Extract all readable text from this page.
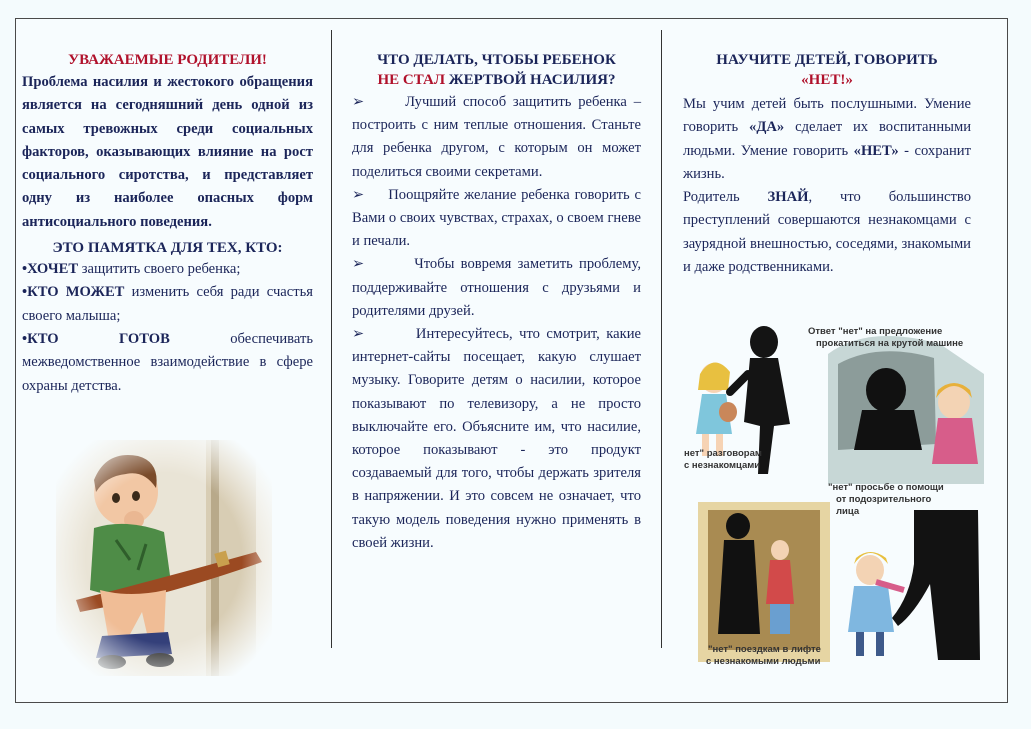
УВАЖАЕМЫЕ РОДИТЕЛИ!

Проблема насилия и жестокого обращения является на сегодняшний день одной из самых тревожных среди социальных факторов, оказывающих влияние на рост социального сиротства, и представляет одну из наиболее опасных форм антисоциального поведения.

ЭТО ПАМЯТКА ДЛЯ ТЕХ, КТО:

•ХОЧЕТ защитить своего ребенка;

•КТО МОЖЕТ изменить себя ради счастья своего малыша;

•КТО ГОТОВ обеспечивать межведомственное взаимодействие в сфере охраны детства.

ЧТО ДЕЛАТЬ, ЧТОБЫ РЕБЕНОК

НЕ СТАЛ ЖЕРТВОЙ НАСИЛИЯ?

➢	Лучший способ защитить ребенка – построить с ним теплые отношения. Станьте для ребенка другом, с которым он может поделиться своими секретами.

➢ Поощряйте желание ребенка говорить с Вами о своих чувствах, страхах, о своем гневе и печали.

➢	Чтобы вовремя заметить проблему, поддерживайте отношения с друзьями и родителями друзей.

➢	Интересуйтесь, что смотрит, какие интернет-сайты посещает, какую слушает музыку. Говорите детям о насилии, которое показывают по телевизору, а не просто выключайте его. Объясните им, что насилие, которое показывают - это продукт создаваемый для того, чтобы держать зрителя в напряжении. И это совсем не означает, что такую модель поведения нужно применять в своей жизни.

НАУЧИТЕ ДЕТЕЙ, ГОВОРИТЬ

«НЕТ!»

Мы учим детей быть послушными. Умение говорить «ДА» сделает их воспитанными людьми. Умение говорить «НЕТ» - сохранит жизнь.

Родитель ЗНАЙ, что большинство преступлений совершаются незнакомцами с заурядной внешностью, соседями, знакомыми и даже родственниками.

нет" разговорам
с незнакомцами
Ответ "нет" на предложение
прокатиться на крутой машине
"нет" поездкам в лифте
с незнакомыми людьми
"нет" просьбе о помощи
от подозрительного
лица
